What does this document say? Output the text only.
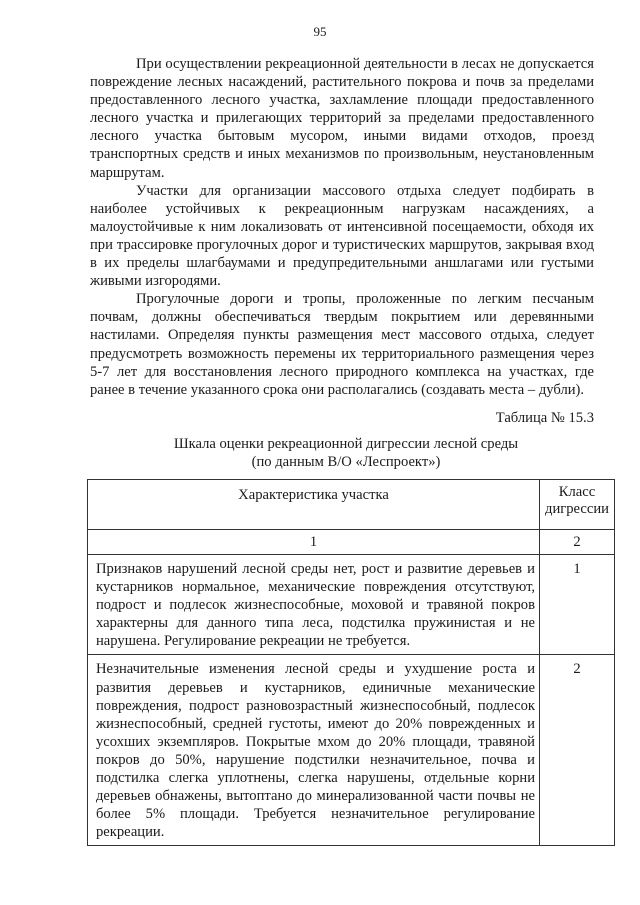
95

При осуществлении рекреационной деятельности в лесах не допускается повреждение лесных насаждений, растительного покрова и почв за пределами предоставленного лесного участка, захламление площади предоставленного лесного участка и прилегающих территорий за пределами предоставленного лесного участка бытовым мусором, иными видами отходов, проезд транспортных средств и иных механизмов по произвольным, неустановленным маршрутам.

Участки для организации массового отдыха следует подбирать в наиболее устойчивых к рекреационным нагрузкам насаждениях, а малоустойчивые к ним локализовать от интенсивной посещаемости, обходя их при трассировке прогулочных дорог и туристических маршрутов, закрывая вход в их пределы шлагбаумами и предупредительными аншлагами или густыми живыми изгородями.

Прогулочные дороги и тропы, проложенные по легким песчаным почвам, должны обеспечиваться твердым покрытием или деревянными настилами. Определяя пункты размещения мест массового отдыха, следует предусмотреть возможность перемены их территориального размещения через 5-7 лет для восстановления лесного природного комплекса на участках, где ранее в течение указанного срока они располагались (создавать места – дубли).

Таблица № 15.3
Шкала оценки рекреационной дигрессии лесной среды
(по данным В/О «Леспроект»)
Характеристика участка	Класс
дигрессии

1	2
Признаков нарушений лесной среды нет, рост и развитие деревьев и кустарников нормальное, механические повреждения отсутствуют, подрост и подлесок жизнеспособные, моховой и травяной покров характерны для данного типа леса, подстилка пружинистая и не нарушена. Регулирование рекреации не требуется.	1
Незначительные изменения лесной среды и ухудшение роста и развития деревьев и кустарников, единичные механические повреждения, подрост разновозрастный жизнеспособный, подлесок жизнеспособный, средней густоты, имеют до 20% поврежденных и усохших экземпляров. Покрытые мхом до 20% площади, травяной покров до 50%, нарушение подстилки незначительное, почва и подстилка слегка уплотнены, слегка нарушены, отдельные корни деревьев обнажены, вытоптано до минерализованной части почвы не более 5% площади. Требуется незначительное регулирование рекреации.	2
